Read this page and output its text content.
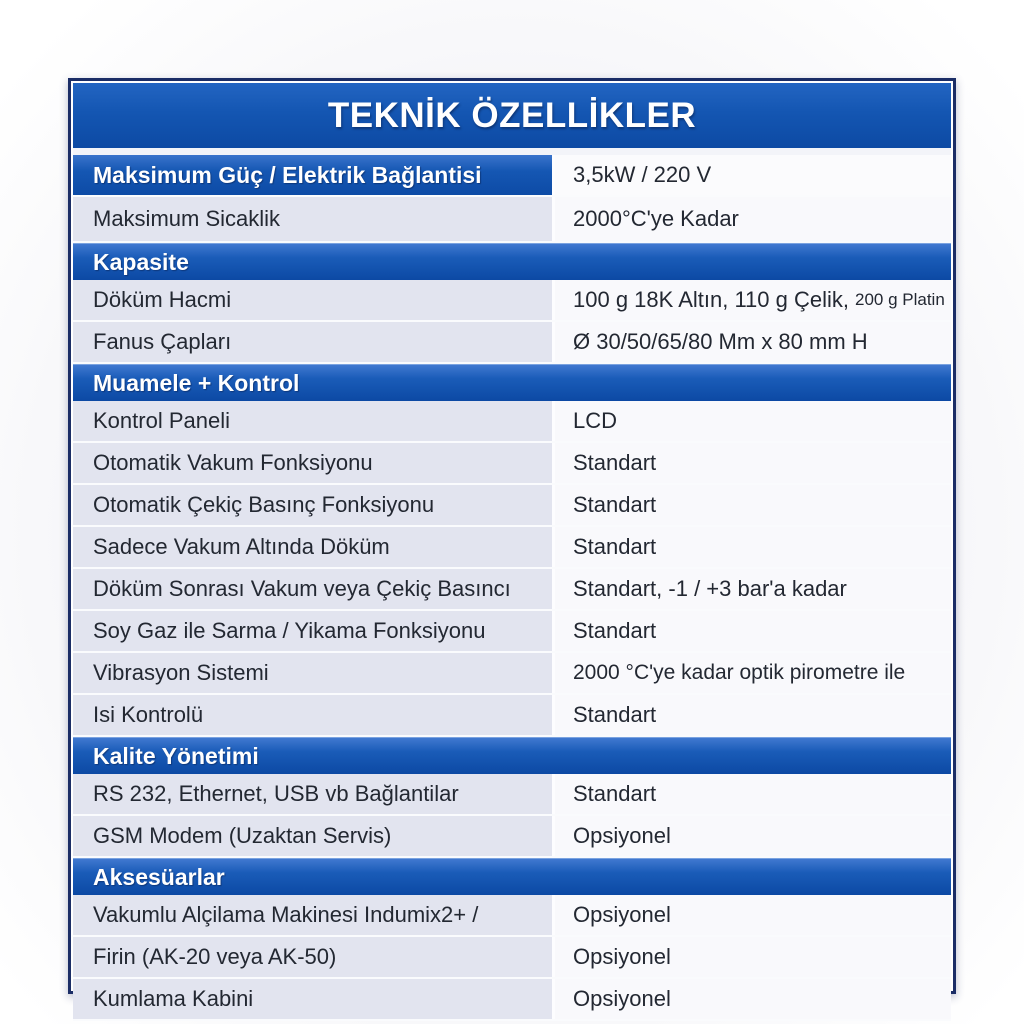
TEKNİK ÖZELLİKLER
Maksimum Güç / Elektrik Bağlantisi	3,5kW / 220 V
Maksimum Sicaklik	2000°C'ye Kadar
Kapasite
Döküm Hacmi	100 g 18K Altın, 110 g Çelik, 200 g Platin
Fanus Çapları	Ø 30/50/65/80 Mm x 80 mm H
Muamele + Kontrol
Kontrol Paneli	LCD
Otomatik Vakum Fonksiyonu	Standart
Otomatik Çekiç Basınç Fonksiyonu	Standart
Sadece Vakum Altında Döküm	Standart
Döküm Sonrası Vakum veya Çekiç Basıncı	Standart, -1 / +3 bar'a kadar
Soy Gaz ile Sarma / Yikama Fonksiyonu	Standart
Vibrasyon Sistemi	2000 °C'ye kadar optik pirometre ile
Isi Kontrolü	Standart
Kalite Yönetimi
RS 232, Ethernet, USB vb Bağlantilar	Standart
GSM Modem (Uzaktan Servis)	Opsiyonel
Aksesüarlar
Vakumlu Alçilama Makinesi Indumix2+ /	Opsiyonel
Firin (AK-20 veya AK-50)	Opsiyonel
Kumlama Kabini	Opsiyonel
